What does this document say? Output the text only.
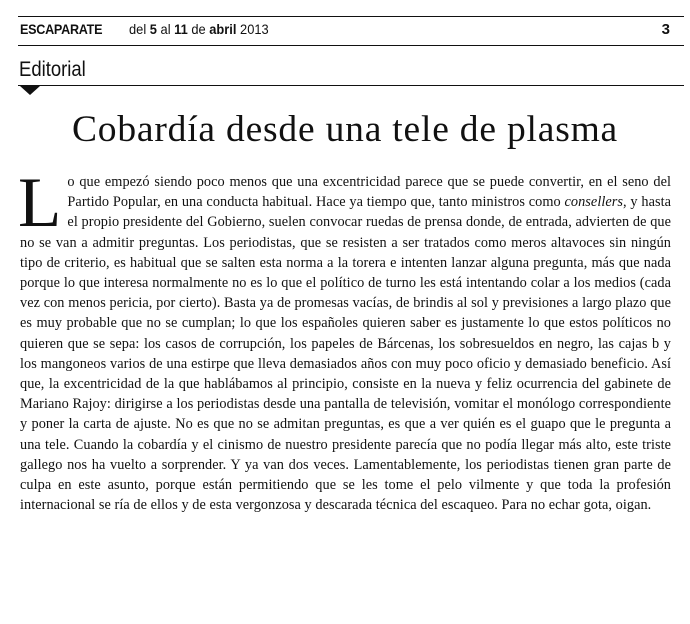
ESCAPARATE del 5 al 11 de abril 2013	3
Editorial
Cobardía desde una tele de plasma

Lo que empezó siendo poco menos que una excentricidad parece que se puede convertir, en el seno del Partido Popular, en una conducta habitual. Hace ya tiempo que, tanto ministros como consellers, y hasta el propio presidente del Gobierno, suelen convocar ruedas de prensa donde, de entrada, advierten de que no se van a admitir preguntas. Los periodistas, que se resisten a ser tratados como meros altavoces sin ningún tipo de criterio, es habitual que se salten esta norma a la torera e intenten lanzar alguna pregunta, más que nada porque lo que interesa normalmente no es lo que el político de turno les está intentando colar a los medios (cada vez con menos pericia, por cierto). Basta ya de promesas vacías, de brindis al sol y previsiones a largo plazo que es muy probable que no se cumplan; lo que los españoles quieren saber es justamente lo que estos políticos no quieren que se sepa: los casos de corrupción, los papeles de Bárcenas, los sobresueldos en negro, las cajas b y los mangoneos varios de una estirpe que lleva demasiados años con muy poco oficio y demasiado beneficio. Así que, la excentricidad de la que hablábamos al principio, consiste en la nueva y feliz ocurrencia del gabinete de Mariano Rajoy: dirigirse a los periodistas desde una pantalla de televisión, vomitar el monólogo correspondiente y poner la carta de ajuste. No es que no se admitan preguntas, es que a ver quién es el guapo que le pregunta a una tele. Cuando la cobardía y el cinismo de nuestro presidente parecía que no podía llegar más alto, este triste gallego nos ha vuelto a sorprender. Y ya van dos veces. Lamentablemente, los periodistas tienen gran parte de culpa en este asunto, porque están permitiendo que se les tome el pelo vilmente y que toda la profesión internacional se ría de ellos y de esta vergonzosa y descarada técnica del escaqueo. Para no echar gota, oigan.
